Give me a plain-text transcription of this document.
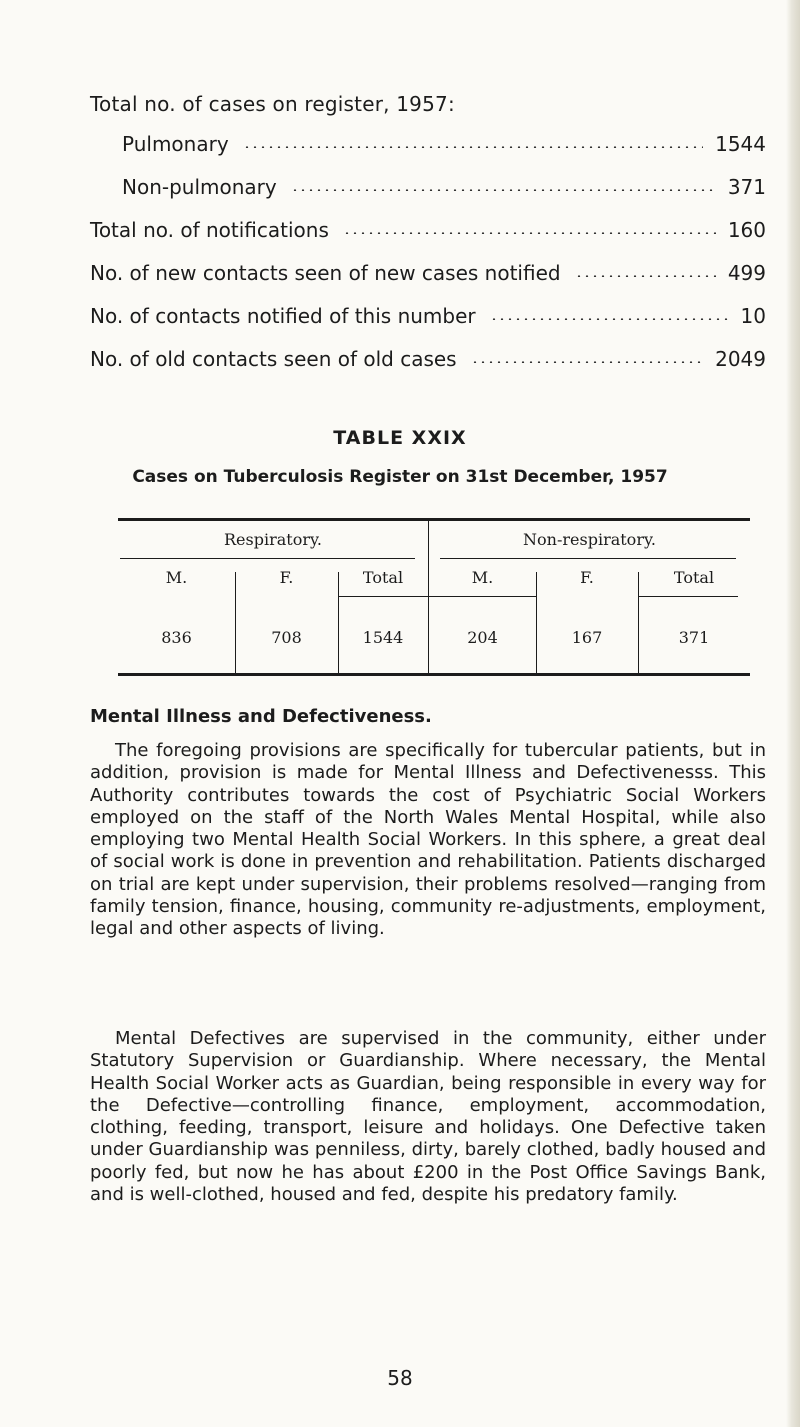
Total no. of cases on register, 1957:
Pulmonary	1544
Non-pulmonary	371
Total no. of notifications	160
No. of new contacts seen of new cases notified	499
No. of contacts notified of this number	10
No. of old contacts seen of old cases	2049
TABLE XXIX
Cases on Tuberculosis Register on 31st December, 1957
Respiratory.	Non-respiratory.
M.	F.	Total	M.	F.	Total
836	708	1544	204	167	371
Mental Illness and Defectiveness.

The foregoing provisions are specifically for tubercular patients, but in addition, provision is made for Mental Illness and Defectivenesss. This Authority contributes towards the cost of Psychiatric Social Workers employed on the staff of the North Wales Mental Hospital, while also employing two Mental Health Social Workers. In this sphere, a great deal of social work is done in prevention and rehabilitation. Patients discharged on trial are kept under supervision, their problems resolved—ranging from family tension, finance, housing, community re-adjustments, employment, legal and other aspects of living.

Mental Defectives are supervised in the community, either under Statutory Supervision or Guardianship. Where necessary, the Mental Health Social Worker acts as Guardian, being responsible in every way for the Defective—controlling finance, employment, accommodation, clothing, feeding, transport, leisure and holidays. One Defective taken under Guardianship was penniless, dirty, barely clothed, badly housed and poorly fed, but now he has about £200 in the Post Office Savings Bank, and is well-clothed, housed and fed, despite his predatory family.

58
